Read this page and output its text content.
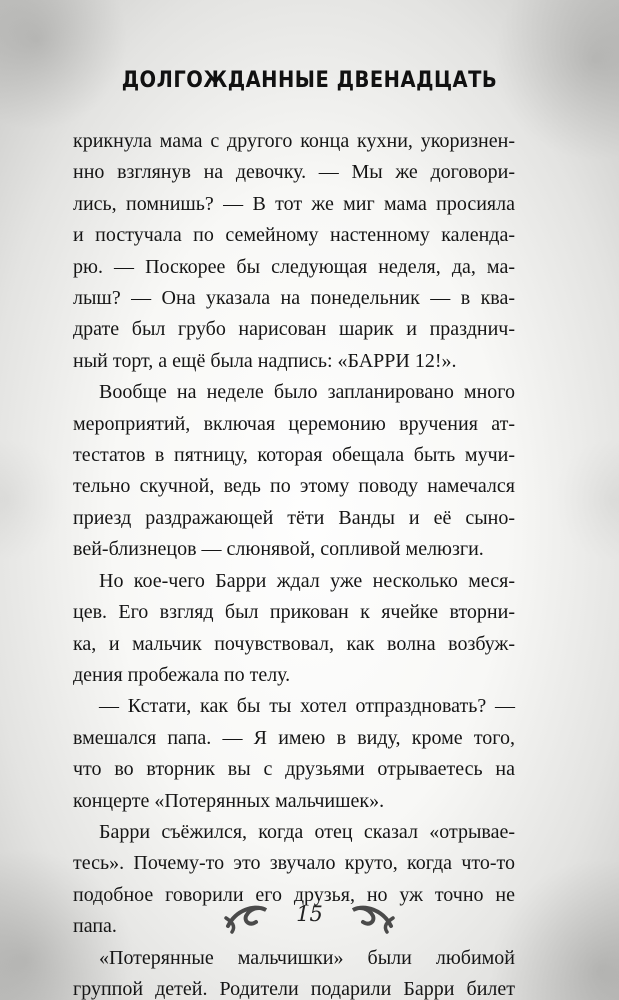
ДОЛГОЖДАННЫЕ ДВЕНАДЦАТЬ

крикнула мама с другого конца кухни, укоризнен-

нно взглянув на девочку. — Мы же договори-

лись, помнишь? — В тот же миг мама просияла

и постучала по семейному настенному календа-

рю. — Поскорее бы следующая неделя, да, ма-

лыш? — Она указала на понедельник — в ква-

драте был грубо нарисован шарик и празднич-

ный торт, а ещё была надпись: «БАРРИ 12!».

Вообще на неделе было запланировано много

мероприятий, включая церемонию вручения ат-

тестатов в пятницу, которая обещала быть мучи-

тельно скучной, ведь по этому поводу намечался

приезд раздражающей тёти Ванды и её сыно-

вей-близнецов — слюнявой, сопливой мелюзги.

Но кое-чего Барри ждал уже несколько меся-

цев. Его взгляд был прикован к ячейке вторни-

ка, и мальчик почувствовал, как волна возбуж-

дения пробежала по телу.

— Кстати, как бы ты хотел отпраздновать? —

вмешался папа. — Я имею в виду, кроме того,

что во вторник вы с друзьями отрываетесь на

концерте «Потерянных мальчишек».

Барри съёжился, когда отец сказал «отрывае-

тесь». Почему-то это звучало круто, когда что-то

подобное говорили его друзья, но уж точно не

папа.

«Потерянные мальчишки» были любимой

группой детей. Родители подарили Барри билет

15
